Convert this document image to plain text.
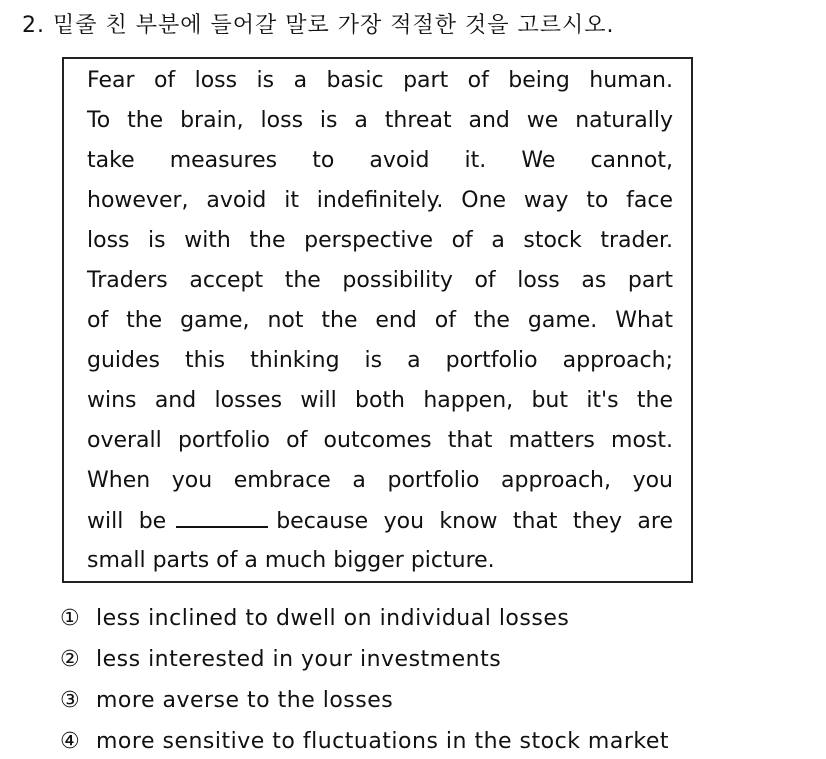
2. 밑줄 친 부분에 들어갈 말로 가장 적절한 것을 고르시오.
Fear of loss is a basic part of being human.
To the brain, loss is a threat and we naturally
take measures to avoid it. We cannot,
however, avoid it indefinitely. One way to face
loss is with the perspective of a stock trader.
Traders accept the possibility of loss as part
of the game, not the end of the game. What
guides this thinking is a portfolio approach;
wins and losses will both happen, but it's the
overall portfolio of outcomes that matters most.
When you embrace a portfolio approach, you
will be	because you know that they are
small parts of a much bigger picture.
① less inclined to dwell on individual losses
② less interested in your investments
③ more averse to the losses
④ more sensitive to fluctuations in the stock market
